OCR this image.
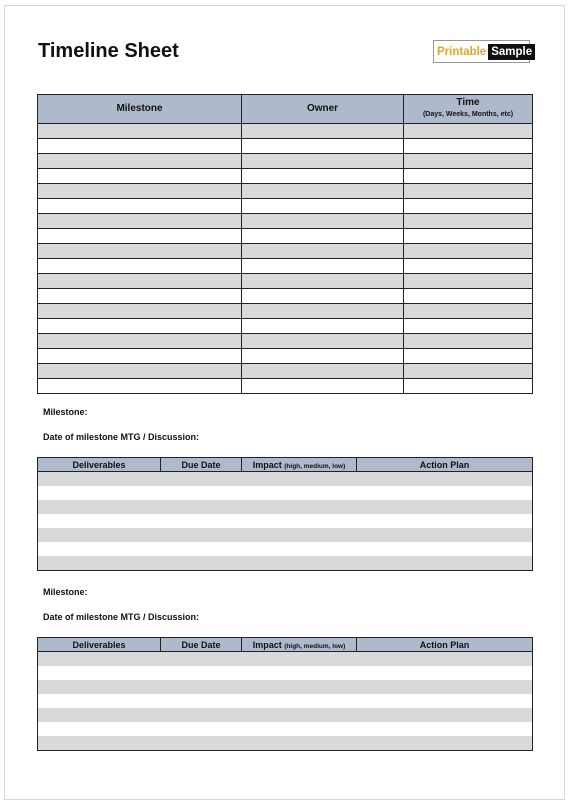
Timeline Sheet	Printable Sample
Milestone	Owner	Time
(Days, Weeks, Months, etc)

Milestone:
Date of milestone MTG / Discussion:
Deliverables	Due Date	Impact (high, medium, low)	Action Plan

Milestone:
Date of milestone MTG / Discussion:
Deliverables	Due Date	Impact (high, medium, low)	Action Plan
